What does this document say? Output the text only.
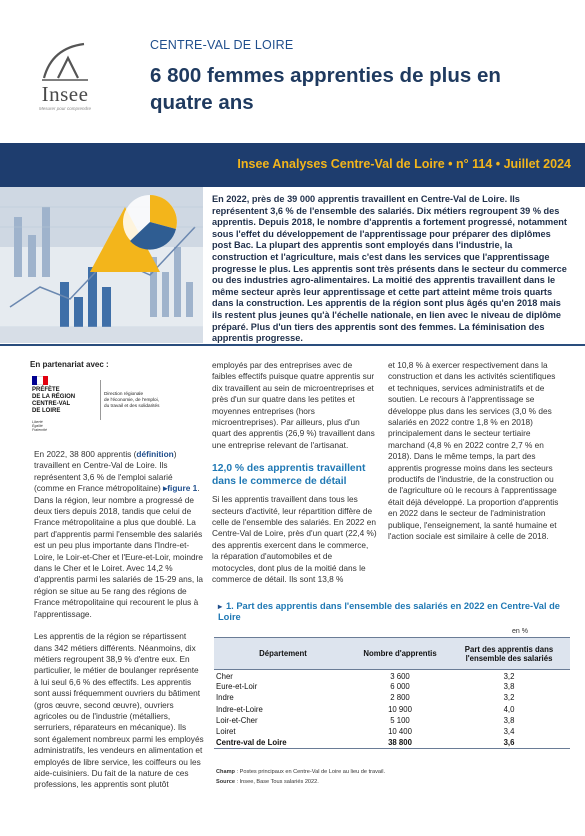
Insee
Mesurer pour comprendre
CENTRE-VAL DE LOIRE
6 800 femmes apprenties de plus en quatre ans
Insee Analyses Centre-Val de Loire • n° 114 • Juillet 2024
En 2022, près de 39 000 apprentis travaillent en Centre-Val de Loire. Ils représentent 3,6 % de l'ensemble des salariés. Dix métiers regroupent 39 % des apprentis. Depuis 2018, le nombre d'apprentis a fortement progressé, notamment sous l'effet du développement de l'apprentissage pour préparer des diplômes post Bac. La plupart des apprentis sont employés dans l'industrie, la construction et l'agriculture, mais c'est dans les services que l'apprentissage progresse le plus. Les apprentis sont très présents dans le secteur du commerce ou des industries agro-alimentaires. La moitié des apprentis travaillent dans le même secteur après leur apprentissage et cette part atteint même trois quarts dans la construction. Les apprentis de la région sont plus âgés qu'en 2018 mais ils restent plus jeunes qu'à l'échelle nationale, en lien avec le niveau de diplôme préparé. Plus d'un tiers des apprentis sont des femmes. La féminisation des apprentis progresse.
En partenariat avec :
PRÉFÈTE
DE LA RÉGION
CENTRE-VAL
DE LOIRE
Liberté
Égalité
Fraternité
Direction régionale
de l'économie, de l'emploi,
du travail et des solidarités

En 2022, 38 800 apprentis (définition) travaillent en Centre-Val de Loire. Ils représentent 3,6 % de l'emploi salarié (comme en France métropolitaine) ▸figure 1. Dans la région, leur nombre a progressé de deux tiers depuis 2018, tandis que celui de France métropolitaine a plus que doublé. La part d'apprentis parmi l'ensemble des salariés est un peu plus importante dans l'Indre-et-Loire, le Loir-et-Cher et l'Eure-et-Loir, moindre dans le Cher et le Loiret. Avec 14,2 % d'apprentis parmi les salariés de 15-29 ans, la région se situe au 5e rang des régions de France métropolitaine qui recourent le plus à l'apprentissage.

Les apprentis de la région se répartissent dans 342 métiers différents. Néanmoins, dix métiers regroupent 38,9 % d'entre eux. En particulier, le métier de boulanger représente à lui seul 6,6 % des effectifs. Les apprentis sont aussi fréquemment ouvriers du bâtiment (gros œuvre, second œuvre), ouvriers agricoles ou de l'industrie (métalliers, serruriers, réparateurs en mécanique). Ils sont également nombreux parmi les employés administratifs, les vendeurs en alimentation et employés de libre service, les coiffeurs ou les aide-cuisiniers. Du fait de la nature de ces professions, les apprentis sont plutôt

employés par des entreprises avec de faibles effectifs puisque quatre apprentis sur dix travaillent au sein de microentreprises et près d'un sur quatre dans les petites et moyennes entreprises (hors microentreprises). Par ailleurs, plus d'un quart des apprentis (26,9 %) travaillent dans une entreprise relevant de l'artisanat.

12,0 % des apprentis travaillent dans le commerce de détail

Si les apprentis travaillent dans tous les secteurs d'activité, leur répartition diffère de celle de l'ensemble des salariés. En 2022 en Centre-Val de Loire, près d'un quart (22,4 %) des apprentis exercent dans le commerce, la réparation d'automobiles et de motocycles, dont plus de la moitié dans le commerce de détail. Ils sont 13,8 %

et 10,8 % à exercer respectivement dans la construction et dans les activités scientifiques et techniques, services administratifs et de soutien. Le recours à l'apprentissage se développe plus dans les services (3,0 % des salariés en 2022 contre 1,8 % en 2018) principalement dans le secteur tertiaire marchand (4,8 % en 2022 contre 2,7 % en 2018). Dans le même temps, la part des apprentis progresse moins dans les secteurs productifs de l'industrie, de la construction ou de l'agriculture où le recours à l'apprentissage était déjà développé. La proportion d'apprentis en 2022 dans le secteur de l'administration publique, l'enseignement, la santé humaine et l'action sociale est similaire à celle de 2018.

▸ 1. Part des apprentis dans l'ensemble des salariés en 2022 en Centre-Val de Loire
en %
Département	Nombre d'apprentis	Part des apprentis dans l'ensemble des salariés
Cher	3 600	3,2
Eure-et-Loir	6 000	3,8
Indre	2 800	3,2
Indre-et-Loire	10 900	4,0
Loir-et-Cher	5 100	3,8
Loiret	10 400	3,4
Centre-val de Loire	38 800	3,6
Champ : Postes principaux en Centre-Val de Loire au lieu de travail.
Source : Insee, Base Tous salariés 2022.
